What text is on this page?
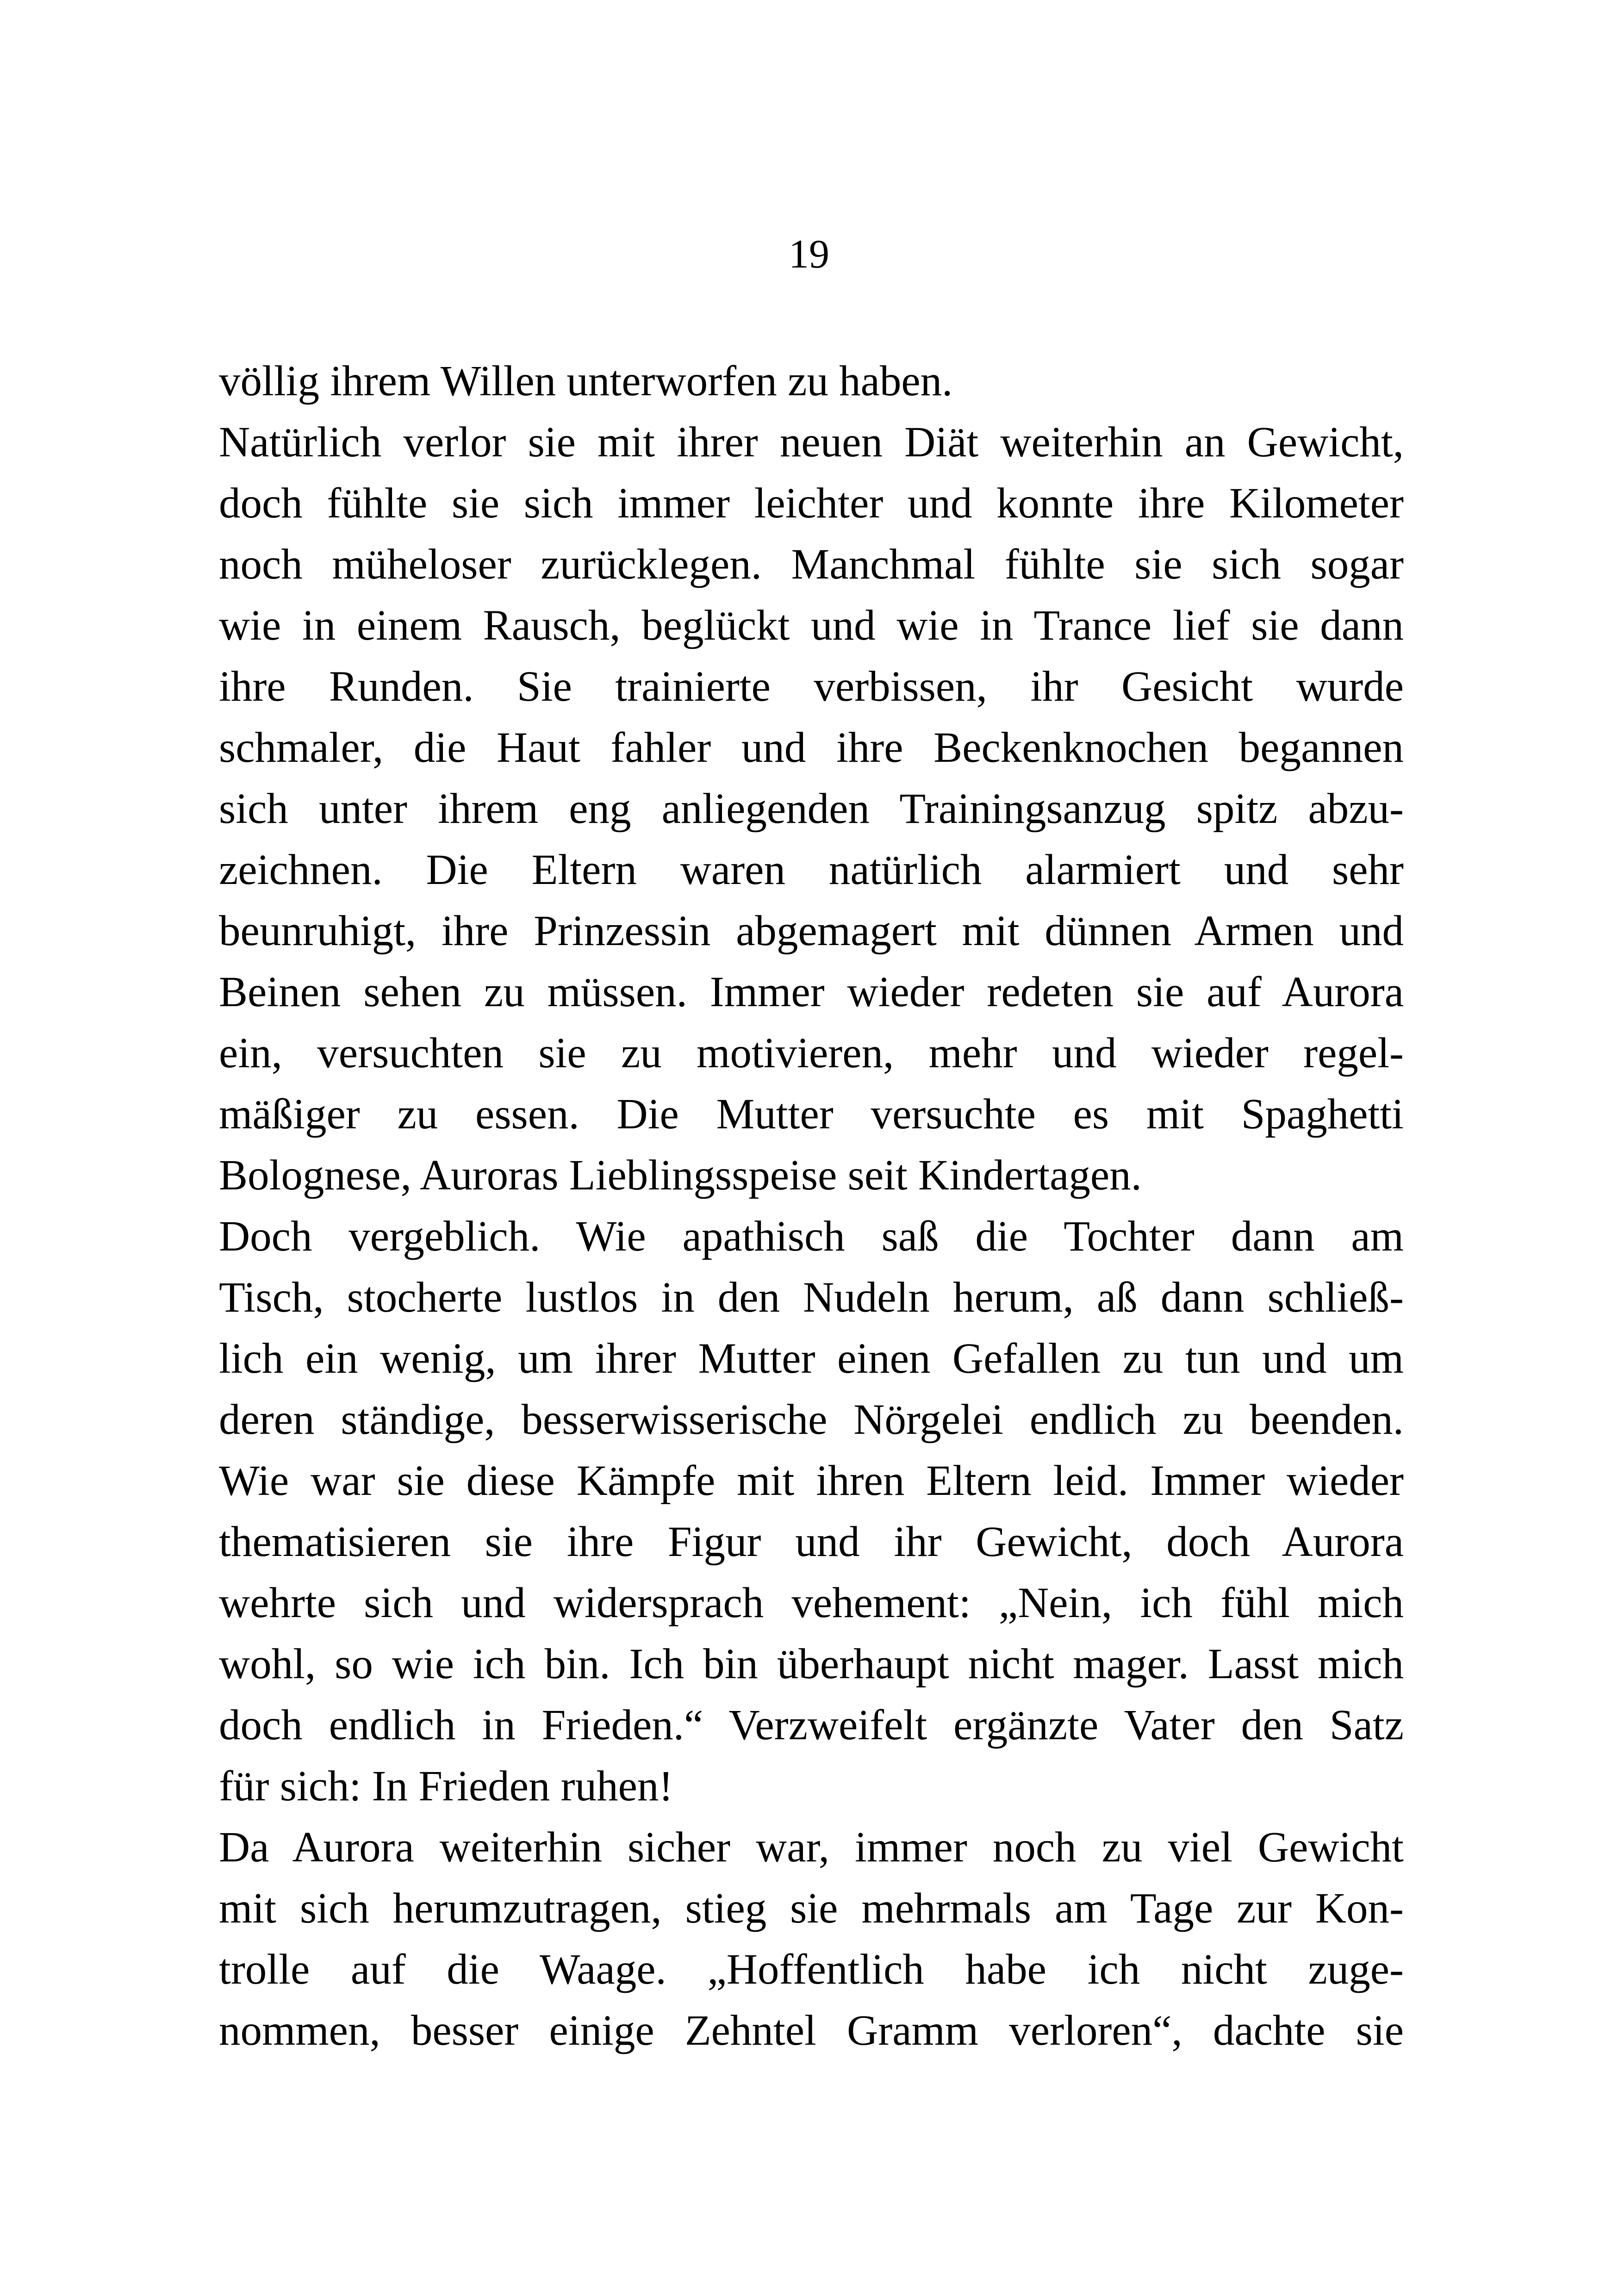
19
völlig ihrem Willen unterworfen zu haben.
Natürlich verlor sie mit ihrer neuen Diät weiterhin an Gewicht,
doch fühlte sie sich immer leichter und konnte ihre Kilometer
noch müheloser zurücklegen. Manchmal fühlte sie sich sogar
wie in einem Rausch, beglückt und wie in Trance lief sie dann
ihre Runden. Sie trainierte verbissen, ihr Gesicht wurde
schmaler, die Haut fahler und ihre Beckenknochen begannen
sich unter ihrem eng anliegenden Trainingsanzug spitz abzu-
zeichnen. Die Eltern waren natürlich alarmiert und sehr
beunruhigt, ihre Prinzessin abgemagert mit dünnen Armen und
Beinen sehen zu müssen. Immer wieder redeten sie auf Aurora
ein, versuchten sie zu motivieren, mehr und wieder regel-
mäßiger zu essen. Die Mutter versuchte es mit Spaghetti
Bolognese, Auroras Lieblingsspeise seit Kindertagen.
Doch vergeblich. Wie apathisch saß die Tochter dann am
Tisch, stocherte lustlos in den Nudeln herum, aß dann schließ-
lich ein wenig, um ihrer Mutter einen Gefallen zu tun und um
deren ständige, besserwisserische Nörgelei endlich zu beenden.
Wie war sie diese Kämpfe mit ihren Eltern leid. Immer wieder
thematisieren sie ihre Figur und ihr Gewicht, doch Aurora
wehrte sich und widersprach vehement: „Nein, ich fühl mich
wohl, so wie ich bin. Ich bin überhaupt nicht mager. Lasst mich
doch endlich in Frieden.“ Verzweifelt ergänzte Vater den Satz
für sich: In Frieden ruhen!
Da Aurora weiterhin sicher war, immer noch zu viel Gewicht
mit sich herumzutragen, stieg sie mehrmals am Tage zur Kon-
trolle auf die Waage. „Hoffentlich habe ich nicht zuge-
nommen, besser einige Zehntel Gramm verloren“, dachte sie
